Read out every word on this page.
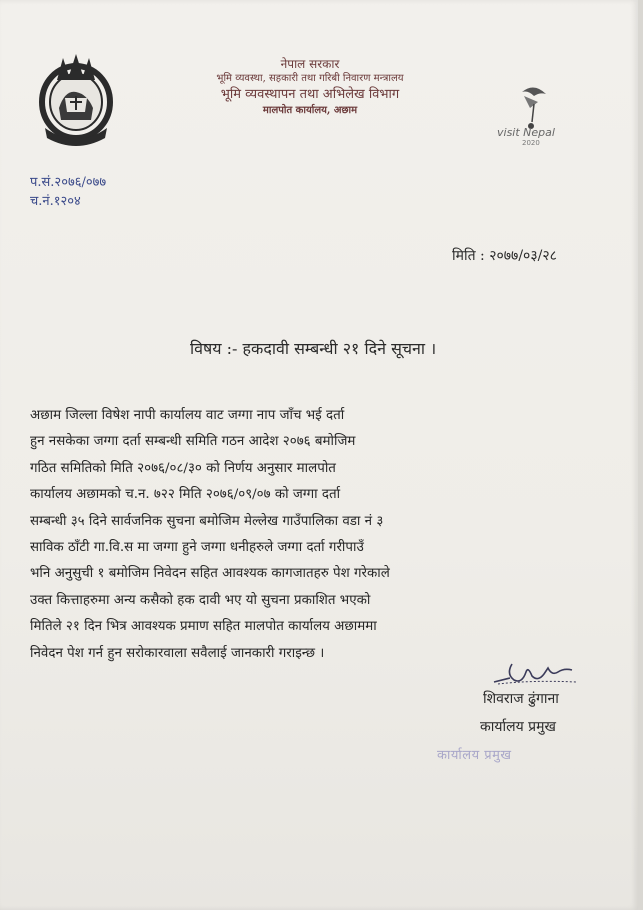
नेपाल सरकार
भूमि व्यवस्था, सहकारी तथा गरिबी निवारण मन्त्रालय
भूमि व्यवस्थापन तथा अभिलेख विभाग
मालपोत कार्यालय, अछाम
visit Nepal
2020
प.सं.२०७६/०७७
च.नं.१२०४
मिति : २०७७/०३/२८
विषय :- हकदावी सम्बन्धी २१ दिने सूचना ।
अछाम जिल्ला विषेश नापी कार्यालय वाट जग्गा नाप जाँच भई दर्ता
हुन नसकेका जग्गा दर्ता सम्बन्धी समिति गठन आदेश २०७६ बमोजिम
गठित समितिको मिति २०७६/०८/३० को निर्णय अनुसार मालपोत
कार्यालय अछामको च.न. ७२२ मिति २०७६/०९/०७ को जग्गा दर्ता
सम्बन्धी ३५ दिने सार्वजनिक सुचना बमोजिम मेल्लेख गाउँपालिका वडा नं ३
साविक ठाँटी गा.वि.स मा जग्गा हुने जग्गा धनीहरुले जग्गा दर्ता गरीपाउँ
भनि अनुसुची १ बमोजिम निवेदन सहित आवश्यक कागजातहरु पेश गरेकाले
उक्त कित्ताहरुमा अन्य कसैको हक दावी भए यो सुचना प्रकाशित भएको
मितिले २१ दिन भित्र आवश्यक प्रमाण सहित मालपोत कार्यालय अछाममा
निवेदन पेश गर्न हुन सरोकारवाला सवैलाई जानकारी गराइन्छ ।
शिवराज ढुंगाना
कार्यालय प्रमुख
कार्यालय प्रमुख
